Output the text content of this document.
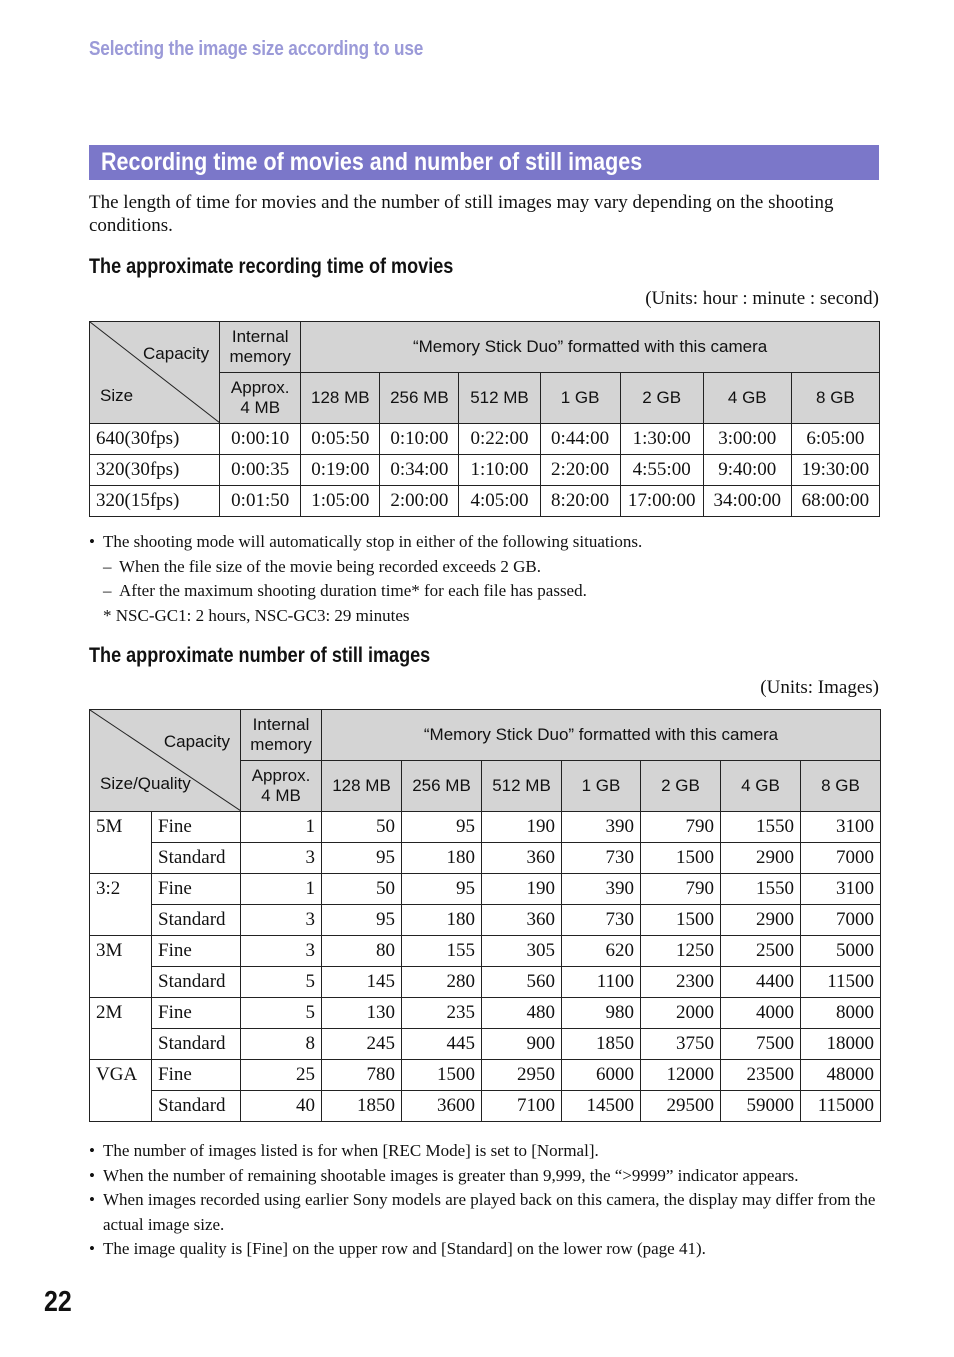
Selecting the image size according to use
Recording time of movies and number of still images
The length of time for movies and the number of still images may vary depending on the shooting conditions.
The approximate recording time of movies
(Units: hour : minute : second)
Capacity
Size	Internal memory	“Memory Stick Duo” formatted with this camera						
	Approx. 4 MB	128 MB	256 MB	512 MB	1 GB	2 GB	4 GB	8 GB
640(30fps)	0:00:10	0:05:50	0:10:00	0:22:00	0:44:00	1:30:00	3:00:00	6:05:00
320(30fps)	0:00:35	0:19:00	0:34:00	1:10:00	2:20:00	4:55:00	9:40:00	19:30:00
320(15fps)	0:01:50	1:05:00	2:00:00	4:05:00	8:20:00	17:00:00	34:00:00	68:00:00
• The shooting mode will automatically stop in either of the following situations.
– When the file size of the movie being recorded exceeds 2 GB.
– After the maximum shooting duration time* for each file has passed.
* NSC-GC1: 2 hours, NSC-GC3: 29 minutes
The approximate number of still images
(Units: Images)
Capacity
Size/Quality		Internal memory	“Memory Stick Duo” formatted with this camera						
		Approx. 4 MB	128 MB	256 MB	512 MB	1 GB	2 GB	4 GB	8 GB
5M	Fine	1	50	95	190	390	790	1550	3100
	Standard	3	95	180	360	730	1500	2900	7000
3:2	Fine	1	50	95	190	390	790	1550	3100
	Standard	3	95	180	360	730	1500	2900	7000
3M	Fine	3	80	155	305	620	1250	2500	5000
	Standard	5	145	280	560	1100	2300	4400	11500
2M	Fine	5	130	235	480	980	2000	4000	8000
	Standard	8	245	445	900	1850	3750	7500	18000
VGA	Fine	25	780	1500	2950	6000	12000	23500	48000
	Standard	40	1850	3600	7100	14500	29500	59000	115000
• The number of images listed is for when [REC Mode] is set to [Normal].
• When the number of remaining shootable images is greater than 9,999, the “>9999” indicator appears.
• When images recorded using earlier Sony models are played back on this camera, the display may differ from the actual image size.
• The image quality is [Fine] on the upper row and [Standard] on the lower row (page 41).
22
